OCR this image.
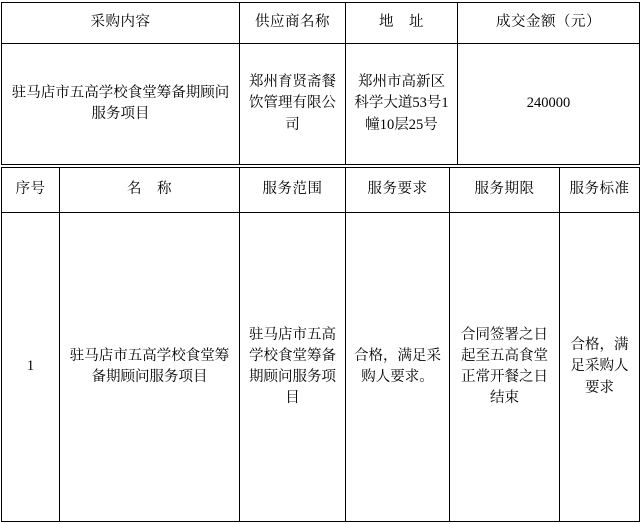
采购内容	供应商名称	地　址	成交金额（元）
驻马店市五高学校食堂筹备期顾问服务项目	郑州育贤斋餐饮管理有限公司	郑州市高新区科学大道53号1幢10层25号	240000
序号	名　称	服务范围	服务要求	服务期限	服务标准
1	驻马店市五高学校食堂筹备期顾问服务项目	驻马店市五高学校食堂筹备期顾问服务项目	合格，满足采购人要求。	合同签署之日起至五高食堂正常开餐之日结束	合格，满足采购人要求
